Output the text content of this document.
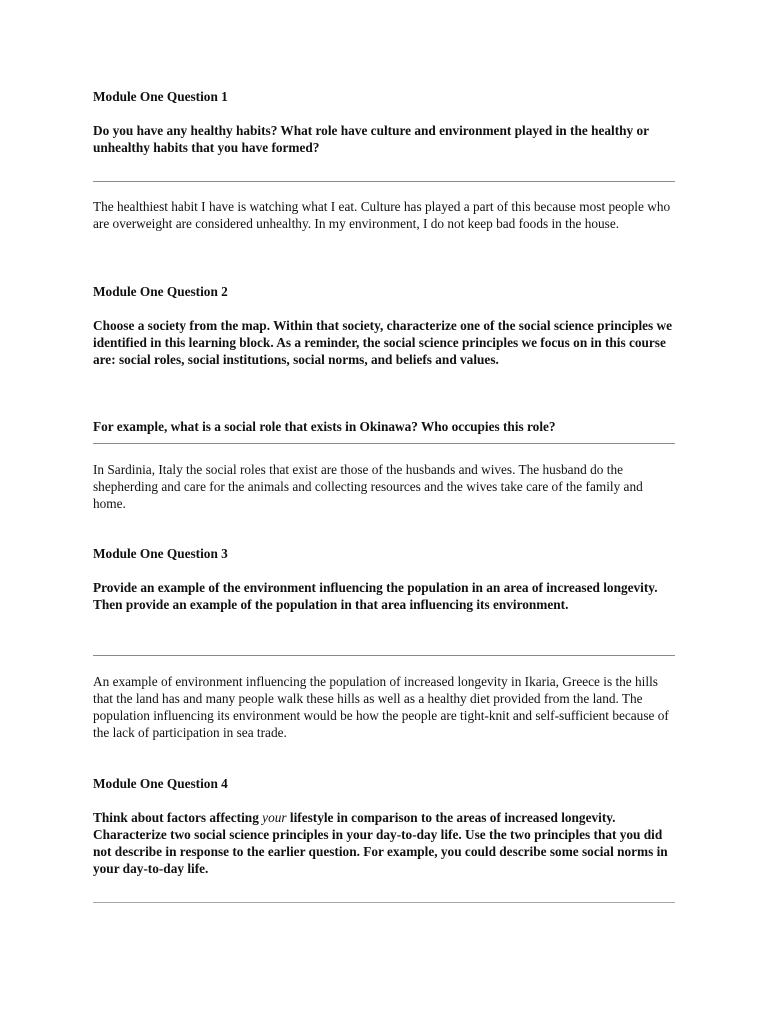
Module One Question 1

Do you have any healthy habits? What role have culture and environment played in the healthy or unhealthy habits that you have formed?

The healthiest habit I have is watching what I eat. Culture has played a part of this because most people who are overweight are considered unhealthy. In my environment, I do not keep bad foods in the house.

Module One Question 2

Choose a society from the map. Within that society, characterize one of the social science principles we identified in this learning block. As a reminder, the social science principles we focus on in this course are: social roles, social institutions, social norms, and beliefs and values.

For example, what is a social role that exists in Okinawa? Who occupies this role?

In Sardinia, Italy the social roles that exist are those of the husbands and wives. The husband do the shepherding and care for the animals and collecting resources and the wives take care of the family and home.

Module One Question 3

Provide an example of the environment influencing the population in an area of increased longevity. Then provide an example of the population in that area influencing its environment.

An example of environment influencing the population of increased longevity in Ikaria, Greece is the hills that the land has and many people walk these hills as well as a healthy diet provided from the land. The population influencing its environment would be how the people are tight-knit and self-sufficient because of the lack of participation in sea trade.

Module One Question 4

Think about factors affecting your lifestyle in comparison to the areas of increased longevity. Characterize two social science principles in your day-to-day life. Use the two principles that you did not describe in response to the earlier question. For example, you could describe some social norms in your day-to-day life.
